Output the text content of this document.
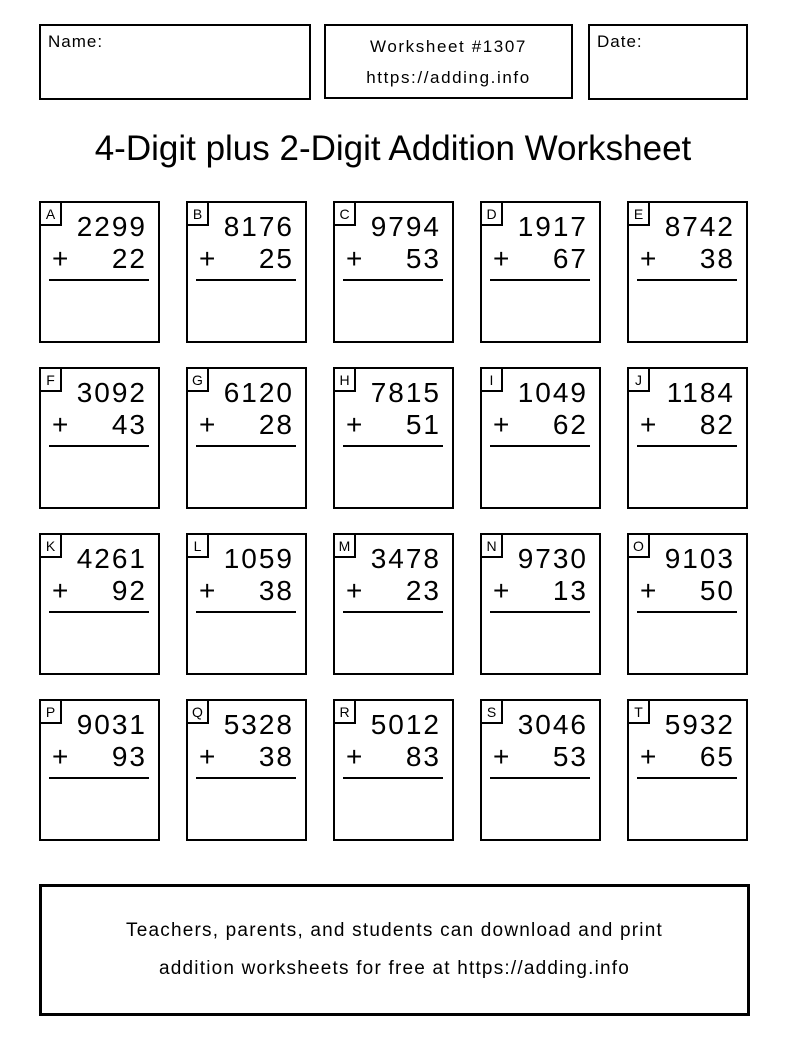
Name:	Worksheet #1307
https://adding.info
Date:
4-Digit plus 2-Digit Addition Worksheet
A 2299
+ 22
B 8176
+ 25
C 9794
+ 53
D 1917
+ 67
E 8742
+ 38
F 3092
+ 43
G 6120
+ 28
H 7815
+ 51
I 1049
+ 62
J 1184
+ 82
K 4261
+ 92
L 1059
+ 38
M 3478
+ 23
N 9730
+ 13
O 9103
+ 50
P 9031
+ 93
Q 5328
+ 38
R 5012
+ 83
S 3046
+ 53
T 5932
+ 65
Teachers, parents, and students can download and print
addition worksheets for free at https://adding.info
